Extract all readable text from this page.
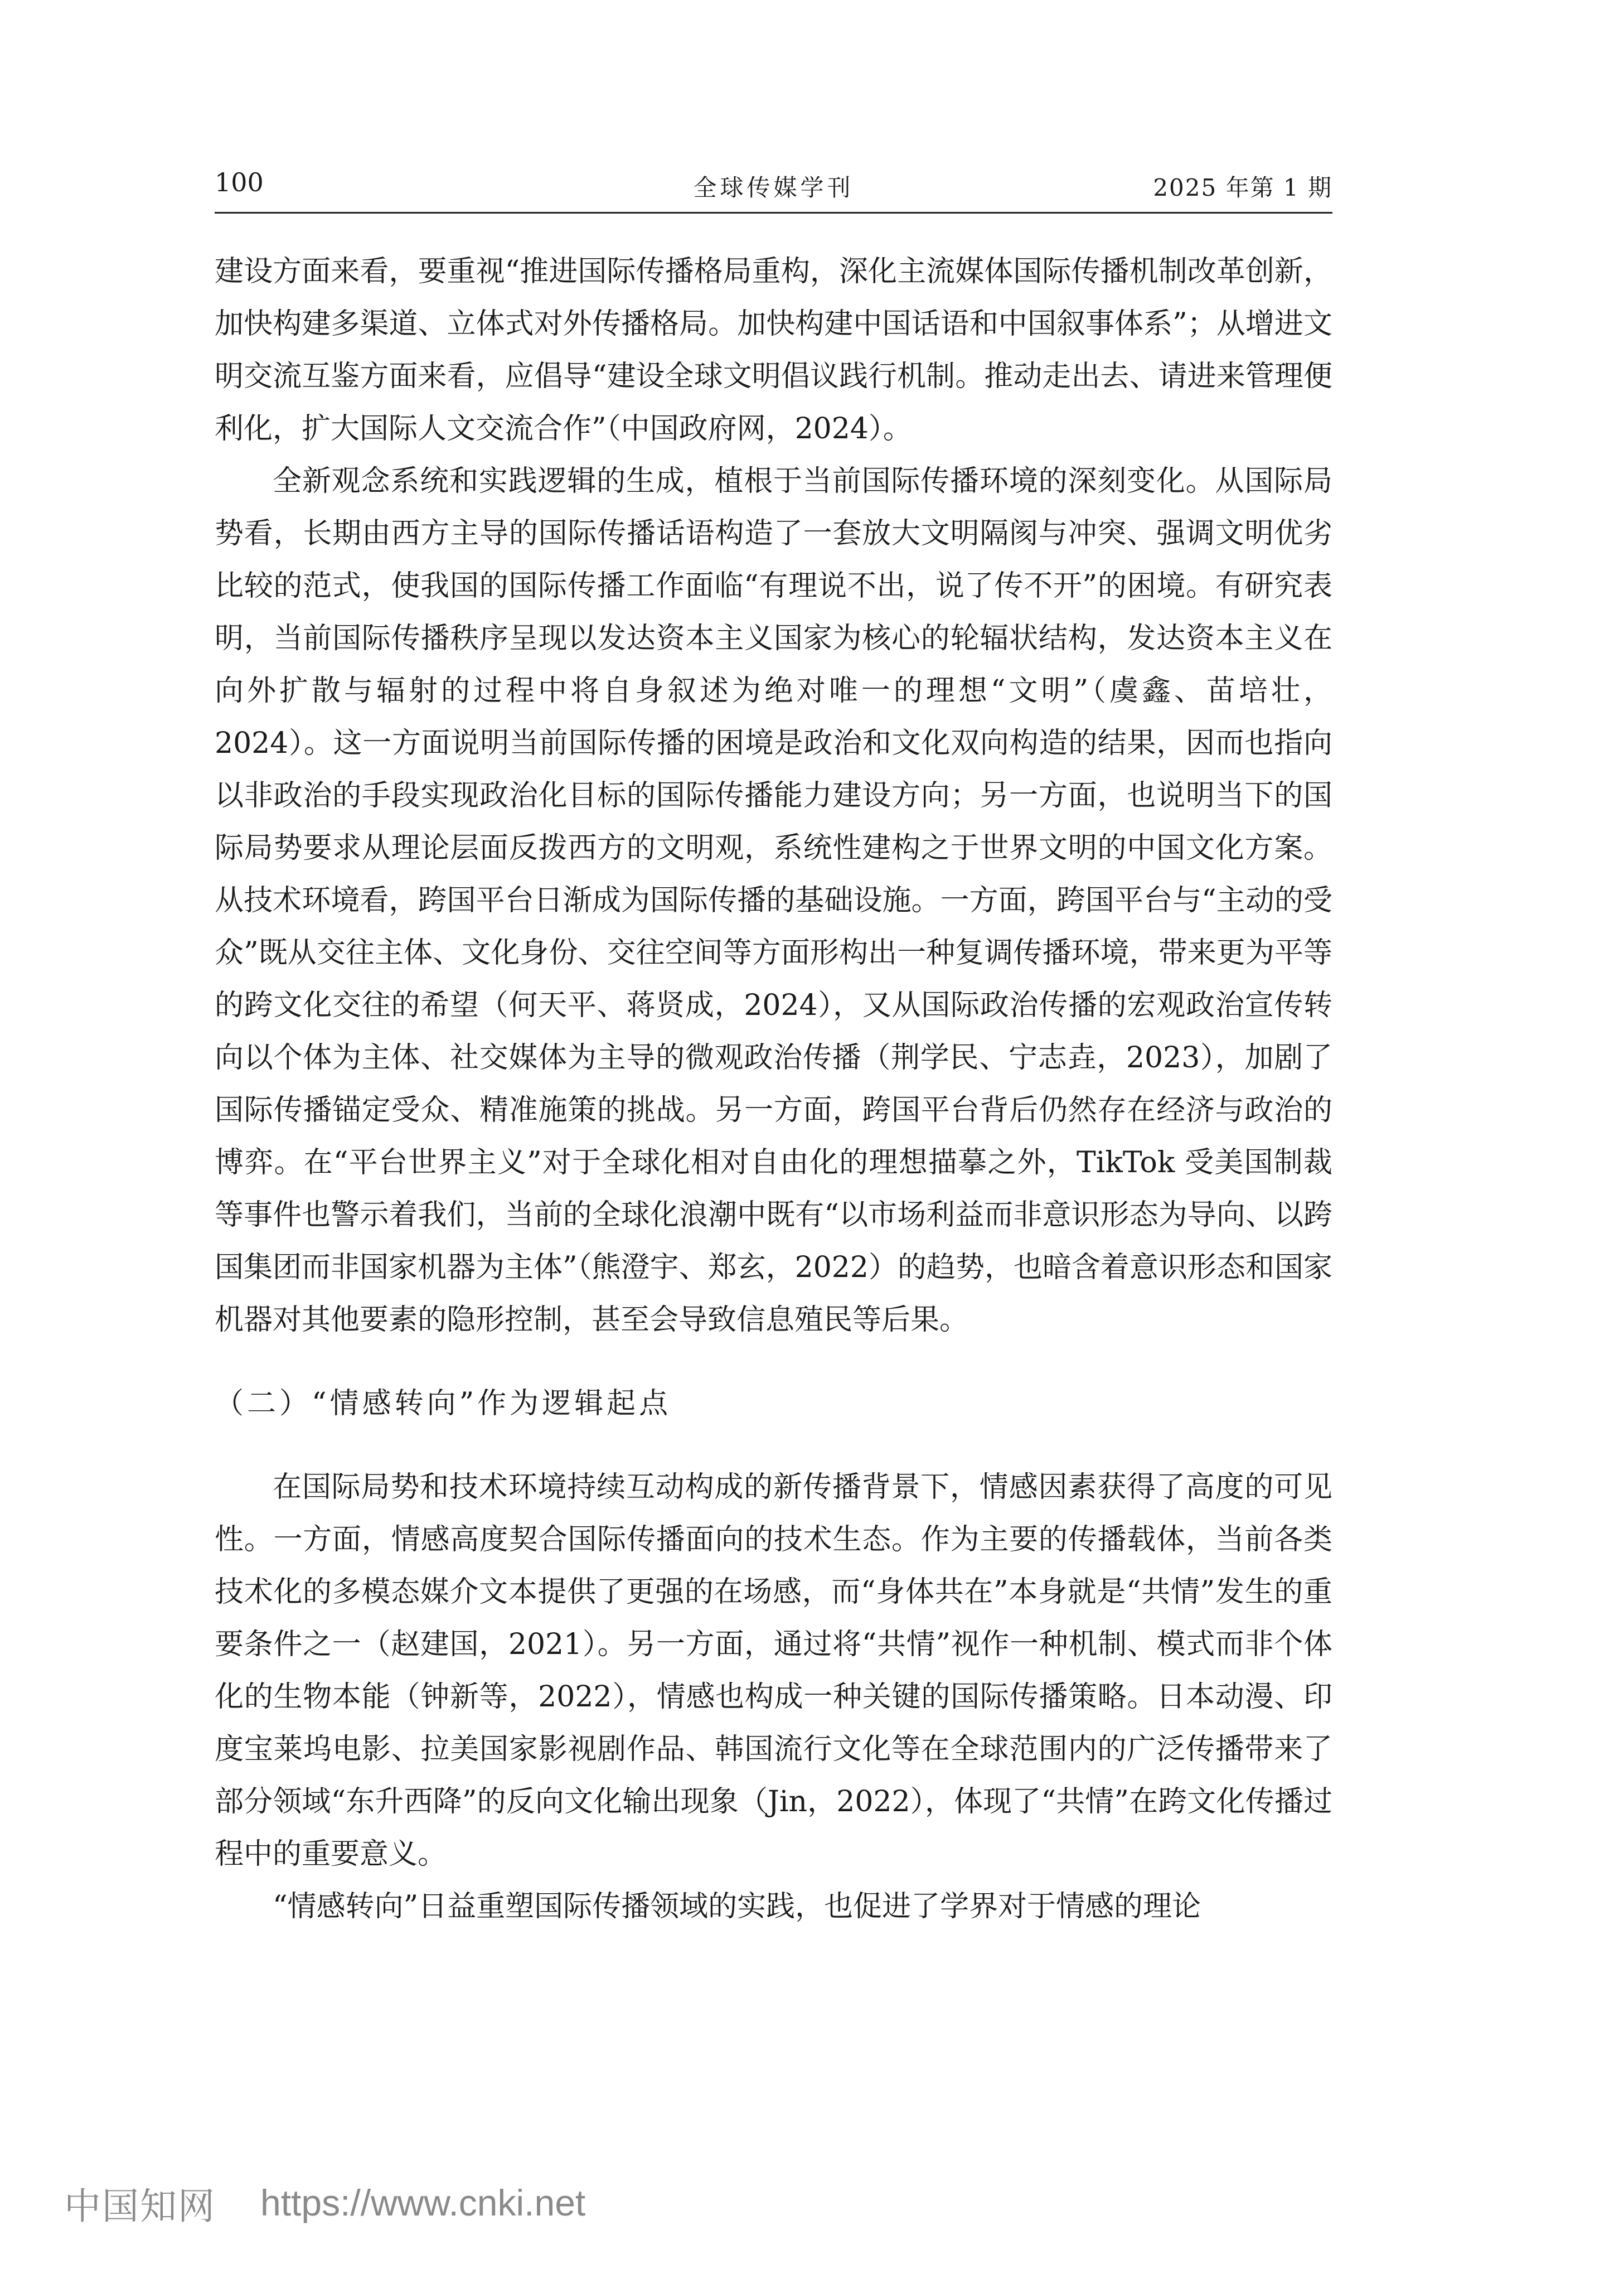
100	全球传媒学刊	2025 年第 1 期

建设方面来看，要重视“推进国际传播格局重构，深化主流媒体国际传播机制改革创新，加快构建多渠道、立体式对外传播格局。加快构建中国话语和中国叙事体系”；从增进文明交流互鉴方面来看，应倡导“建设全球文明倡议践行机制。推动走出去、请进来管理便利化，扩大国际人文交流合作”（中国政府网，2024）。

全新观念系统和实践逻辑的生成，植根于当前国际传播环境的深刻变化。从国际局势看，长期由西方主导的国际传播话语构造了一套放大文明隔阂与冲突、强调文明优劣比较的范式，使我国的国际传播工作面临“有理说不出，说了传不开”的困境。有研究表明，当前国际传播秩序呈现以发达资本主义国家为核心的轮辐状结构，发达资本主义在向外扩散与辐射的过程中将自身叙述为绝对唯一的理想“文明”（虞鑫、苗培壮，2024）。这一方面说明当前国际传播的困境是政治和文化双向构造的结果，因而也指向以非政治的手段实现政治化目标的国际传播能力建设方向；另一方面，也说明当下的国际局势要求从理论层面反拨西方的文明观，系统性建构之于世界文明的中国文化方案。从技术环境看，跨国平台日渐成为国际传播的基础设施。一方面，跨国平台与“主动的受众”既从交往主体、文化身份、交往空间等方面形构出一种复调传播环境，带来更为平等的跨文化交往的希望（何天平、蒋贤成，2024），又从国际政治传播的宏观政治宣传转向以个体为主体、社交媒体为主导的微观政治传播（荆学民、宁志垚，2023），加剧了国际传播锚定受众、精准施策的挑战。另一方面，跨国平台背后仍然存在经济与政治的博弈。在“平台世界主义”对于全球化相对自由化的理想描摹之外，TikTok 受美国制裁等事件也警示着我们，当前的全球化浪潮中既有“以市场利益而非意识形态为导向、以跨国集团而非国家机器为主体”（熊澄宇、郑玄，2022）的趋势，也暗含着意识形态和国家机器对其他要素的隐形控制，甚至会导致信息殖民等后果。

（二）“情感转向”作为逻辑起点

在国际局势和技术环境持续互动构成的新传播背景下，情感因素获得了高度的可见性。一方面，情感高度契合国际传播面向的技术生态。作为主要的传播载体，当前各类技术化的多模态媒介文本提供了更强的在场感，而“身体共在”本身就是“共情”发生的重要条件之一（赵建国，2021）。另一方面，通过将“共情”视作一种机制、模式而非个体化的生物本能（钟新等，2022），情感也构成一种关键的国际传播策略。日本动漫、印度宝莱坞电影、拉美国家影视剧作品、韩国流行文化等在全球范围内的广泛传播带来了部分领域“东升西降”的反向文化输出现象（Jin，2022），体现了“共情”在跨文化传播过程中的重要意义。

“情感转向”日益重塑国际传播领域的实践，也促进了学界对于情感的理论

中国知网 https://www.cnki.net
